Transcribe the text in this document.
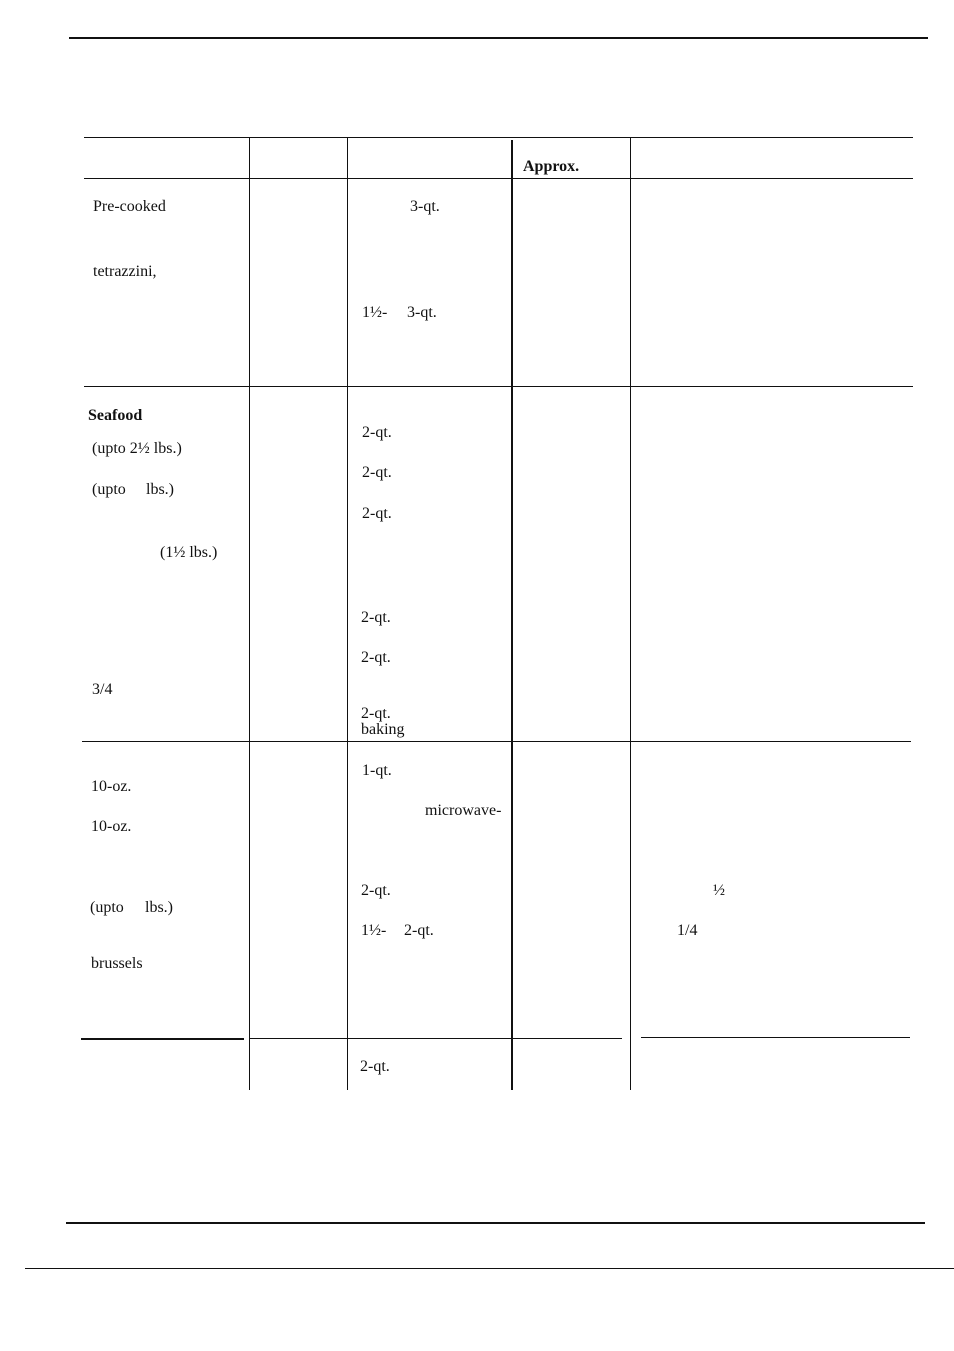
Approx.
Pre-cooked
tetrazzini,
3-qt.
1½- 3-qt.
Seafood
(upto 2½ lbs.)
(upto lbs.)
(1½ lbs.)
3/4
2-qt.
2-qt.
2-qt.
2-qt.
2-qt.
2-qt.
baking
10-oz.
10-oz.
(upto lbs.)
brussels
1-qt.
microwave-
2-qt.
1½- 2-qt.
½
1/4
2-qt.
